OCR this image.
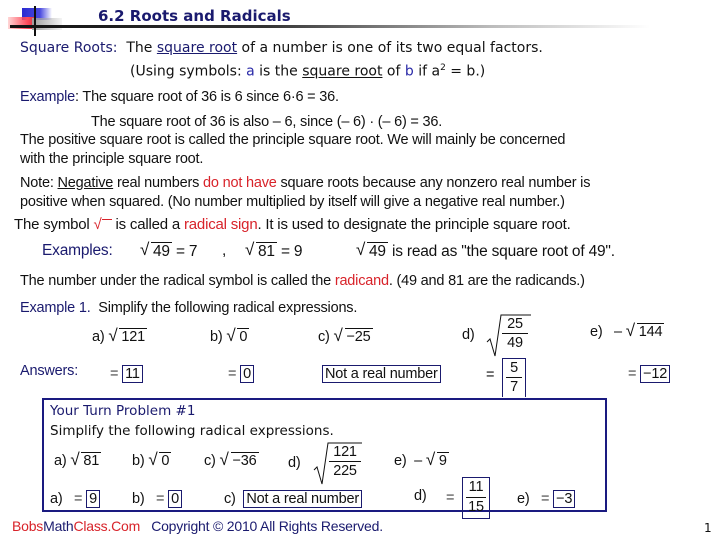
6.2 Roots and Radicals
Square Roots: The square root of a number is one of its two equal factors.
(Using symbols: a is the square root of b if $a^2 = b$.)
Example: The square root of 36 is 6 since 6·6 = 36.
The square root of 36 is also – 6, since (– 6) · (– 6) = 36.
The positive square root is called the principle square root. We will mainly be concerned
with the principle square root.
Note: Negative real numbers do not have square roots because any nonzero real number is
positive when squared. (No number multiplied by itself will give a negative real number.)
The symbol √ is called a radical sign. It is used to designate the principle square root.
Examples: √ 49 = 7 , √ 81 = 9	√ 49 is read as "the square root of 49".
The number under the radical symbol is called the radicand. (49 and 81 are the radicands.)
Example 1. Simplify the following radical expressions.
a) √ 121	b) √ 0	c) √ −25	$d) \frac{25}{49}$	e) – √ 144
Answers: = 11	= 0	Not a real number	= $\frac{5}{7}$	= −12
Your Turn Problem #1
Simplify the following radical expressions.
a) √ 81 b) √ 0 c) √ −36 $d) \frac{121}{225} e$) – √ 9
a) = 9 b) = 0	c) Not a real number	$d) = \frac{11}{15} e) = -3$
BobsMathClass.Com Copyright © 2010 All Rights Reserved.	1
